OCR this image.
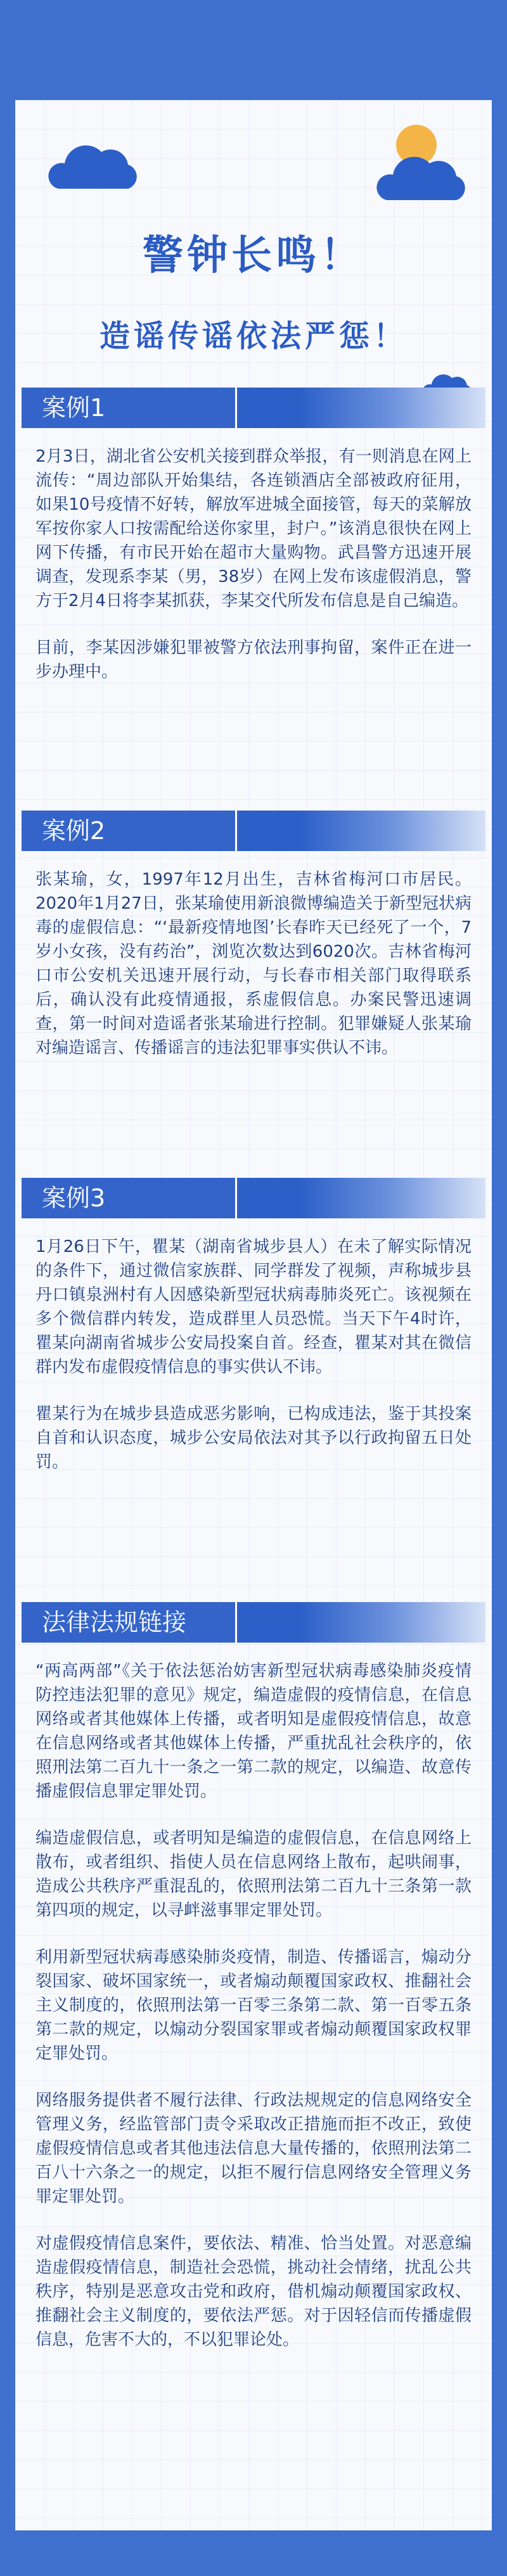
警钟长鸣！
造谣传谣依法严惩！
案例1

2月3日，湖北省公安机关接到群众举报，有一则消息在网上流传：“周边部队开始集结，各连锁酒店全部被政府征用，如果10号疫情不好转，解放军进城全面接管，每天的菜解放军按你家人口按需配给送你家里，封户。”该消息很快在网上网下传播，有市民开始在超市大量购物。武昌警方迅速开展调查，发现系李某（男，38岁）在网上发布该虚假消息，警方于2月4日将李某抓获，李某交代所发布信息是自己编造。

目前，李某因涉嫌犯罪被警方依法刑事拘留，案件正在进一步办理中。

案例2

张某瑜，女，1997年12月出生，吉林省梅河口市居民。2020年1月27日，张某瑜使用新浪微博编造关于新型冠状病毒的虚假信息：“‘最新疫情地图’长春昨天已经死了一个，7岁小女孩，没有药治”，浏览次数达到6020次。吉林省梅河口市公安机关迅速开展行动，与长春市相关部门取得联系后，确认没有此疫情通报，系虚假信息。办案民警迅速调查，第一时间对造谣者张某瑜进行控制。犯罪嫌疑人张某瑜对编造谣言、传播谣言的违法犯罪事实供认不讳。

案例3

1月26日下午，瞿某（湖南省城步县人）在未了解实际情况的条件下，通过微信家族群、同学群发了视频，声称城步县丹口镇泉洲村有人因感染新型冠状病毒肺炎死亡。该视频在多个微信群内转发，造成群里人员恐慌。当天下午4时许，瞿某向湖南省城步公安局投案自首。经查，瞿某对其在微信群内发布虚假疫情信息的事实供认不讳。

瞿某行为在城步县造成恶劣影响，已构成违法，鉴于其投案自首和认识态度，城步公安局依法对其予以行政拘留五日处罚。

法律法规链接

“两高两部”《关于依法惩治妨害新型冠状病毒感染肺炎疫情防控违法犯罪的意见》规定，编造虚假的疫情信息，在信息网络或者其他媒体上传播，或者明知是虚假疫情信息，故意在信息网络或者其他媒体上传播，严重扰乱社会秩序的，依照刑法第二百九十一条之一第二款的规定，以编造、故意传播虚假信息罪定罪处罚。

编造虚假信息，或者明知是编造的虚假信息，在信息网络上散布，或者组织、指使人员在信息网络上散布，起哄闹事，造成公共秩序严重混乱的，依照刑法第二百九十三条第一款第四项的规定，以寻衅滋事罪定罪处罚。

利用新型冠状病毒感染肺炎疫情，制造、传播谣言，煽动分裂国家、破坏国家统一，或者煽动颠覆国家政权、推翻社会主义制度的，依照刑法第一百零三条第二款、第一百零五条第二款的规定，以煽动分裂国家罪或者煽动颠覆国家政权罪定罪处罚。

网络服务提供者不履行法律、行政法规规定的信息网络安全管理义务，经监管部门责令采取改正措施而拒不改正，致使虚假疫情信息或者其他违法信息大量传播的，依照刑法第二百八十六条之一的规定，以拒不履行信息网络安全管理义务罪定罪处罚。

对虚假疫情信息案件，要依法、精准、恰当处置。对恶意编造虚假疫情信息，制造社会恐慌，挑动社会情绪，扰乱公共秩序，特别是恶意攻击党和政府，借机煽动颠覆国家政权、推翻社会主义制度的，要依法严惩。对于因轻信而传播虚假信息，危害不大的，不以犯罪论处。
